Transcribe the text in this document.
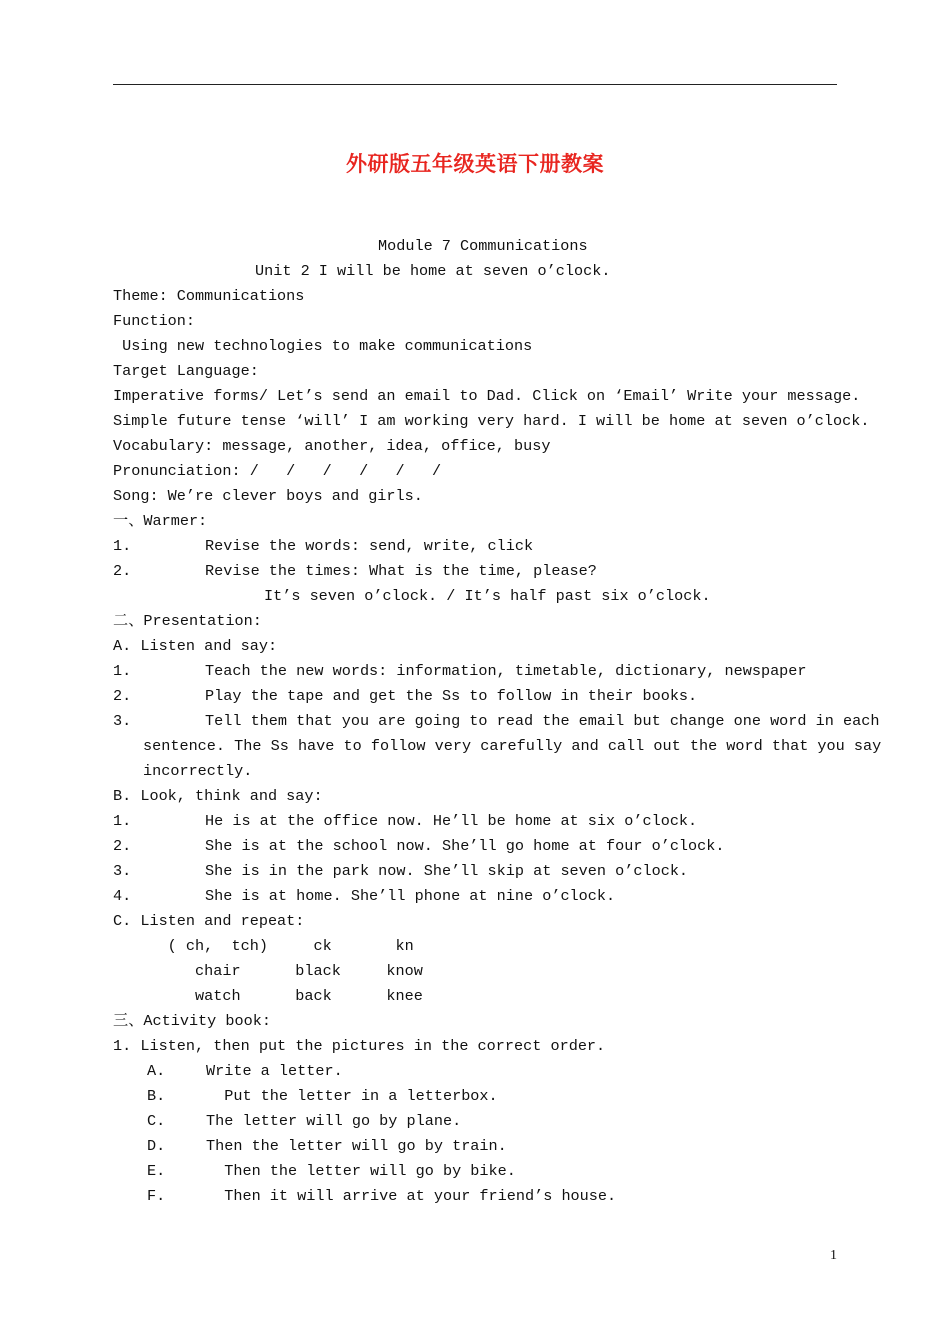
外研版五年级英语下册教案
Module 7 Communications
Unit 2 I will be home at seven o’clock.
Theme: Communications
Function:
Using new technologies to make communications
Target Language:
Imperative forms/ Let’s send an email to Dad. Click on ‘Email’ Write your message.
Simple future tense ‘will’ I am working very hard. I will be home at seven o’clock.
Vocabulary: message, another, idea, office, busy
Pronunciation: /   /   /   /   /   /
Song: We’re clever boys and girls.
一、Warmer:
1.	Revise the words: send, write, click
2.	Revise the times: What is the time, please?
It’s seven o’clock. / It’s half past six o’clock.
二、Presentation:
A. Listen and say:
1.	Teach the new words: information, timetable, dictionary, newspaper
2.	Play the tape and get the Ss to follow in their books.
3.	Tell them that you are going to read the email but change one word in each
sentence. The Ss have to follow very carefully and call out the word that you say
incorrectly.
B. Look, think and say:
1.	He is at the office now. He’ll be home at six o’clock.
2.	She is at the school now. She’ll go home at four o’clock.
3.	She is in the park now. She’ll skip at seven o’clock.
4.	She is at home. She’ll phone at nine o’clock.
C. Listen and repeat:
( ch,  tch)     ck       kn
chair      black     know
watch      back      knee
三、Activity book:
1. Listen, then put the pictures in the correct order.
A.	Write a letter.
B.	Put the letter in a letterbox.
C.	The letter will go by plane.
D.	Then the letter will go by train.
E.	Then the letter will go by bike.
F.	Then it will arrive at your friend’s house.
1
